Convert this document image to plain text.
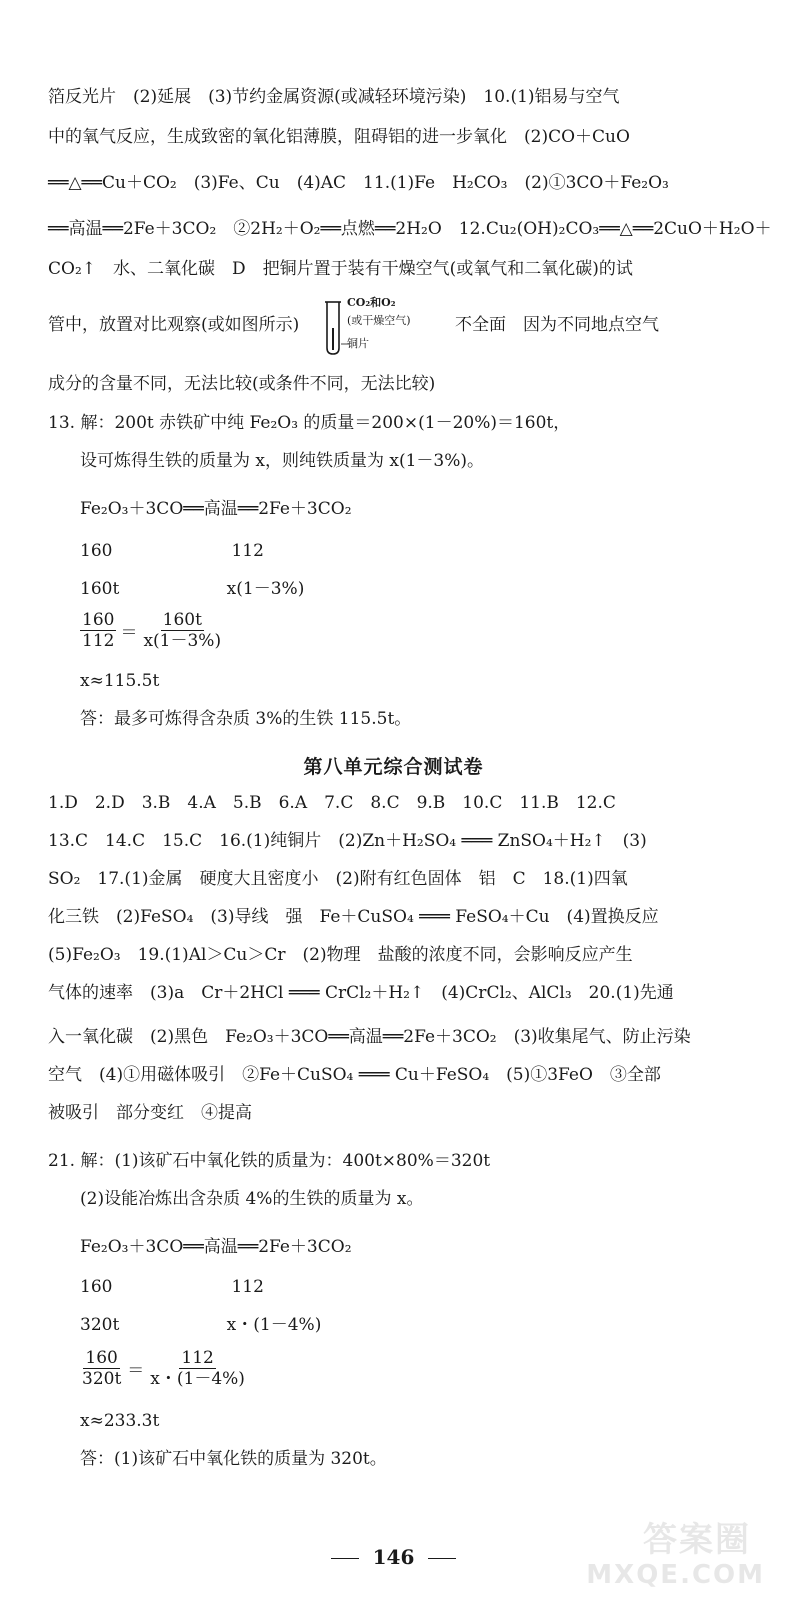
箔反光片　(2)延展　(3)节约金属资源(或减轻环境污染)　10.(1)铝易与空气
中的氧气反应，生成致密的氧化铝薄膜，阻碍铝的进一步氧化　(2)CO＋CuO
══△══Cu＋CO₂　(3)Fe、Cu　(4)AC　11.(1)Fe　H₂CO₃　(2)①3CO＋Fe₂O₃
══高温══2Fe＋3CO₂　②2H₂＋O₂══点燃══2H₂O　12.Cu₂(OH)₂CO₃══△══2CuO＋H₂O＋
CO₂↑　水、二氧化碳　D　把铜片置于装有干燥空气(或氧气和二氧化碳)的试
管中，放置对比观察(或如图所示)
CO₂和O₂
(或干燥空气)
铜片
不全面　因为不同地点空气
成分的含量不同，无法比较(或条件不同，无法比较)
13. 解：200t 赤铁矿中纯 Fe₂O₃ 的质量＝200×(1－20%)＝160t，
设可炼得生铁的质量为 x，则纯铁质量为 x(1－3%)。
Fe₂O₃＋3CO══高温══2Fe＋3CO₂
160　　　　　　　112
160t　　　　　　 x(1－3%)
$\frac{160}{112} = \frac{160t}{x(1-3\%)}$
x≈115.5t
答：最多可炼得含杂质 3%的生铁 115.5t。
第八单元综合测试卷
1.D　2.D　3.B　4.A　5.B　6.A　7.C　8.C　9.B　10.C　11.B　12.C
13.C　14.C　15.C　16.(1)纯铜片　(2)Zn＋H₂SO₄ ═══ ZnSO₄＋H₂↑　(3)
SO₂　17.(1)金属　硬度大且密度小　(2)附有红色固体　铝　C　18.(1)四氧
化三铁　(2)FeSO₄　(3)导线　强　Fe＋CuSO₄ ═══ FeSO₄＋Cu　(4)置换反应
(5)Fe₂O₃　19.(1)Al＞Cu＞Cr　(2)物理　盐酸的浓度不同，会影响反应产生
气体的速率　(3)a　Cr＋2HCl ═══ CrCl₂＋H₂↑　(4)CrCl₂、AlCl₃　20.(1)先通
入一氧化碳　(2)黑色　Fe₂O₃＋3CO══高温══2Fe＋3CO₂　(3)收集尾气、防止污染
空气　(4)①用磁体吸引　②Fe＋CuSO₄ ═══ Cu＋FeSO₄　(5)①3FeO　③全部
被吸引　部分变红　④提高
21. 解：(1)该矿石中氧化铁的质量为：400t×80%＝320t
(2)设能冶炼出含杂质 4%的生铁的质量为 x。
Fe₂O₃＋3CO══高温══2Fe＋3CO₂
160　　　　　　　112
320t　　　　　　 x・(1－4%)
$\frac{160}{320t} = \frac{112}{x・(1-4\%)}$
x≈233.3t
答：(1)该矿石中氧化铁的质量为 320t。
146	答案圈
MXQE.COM
